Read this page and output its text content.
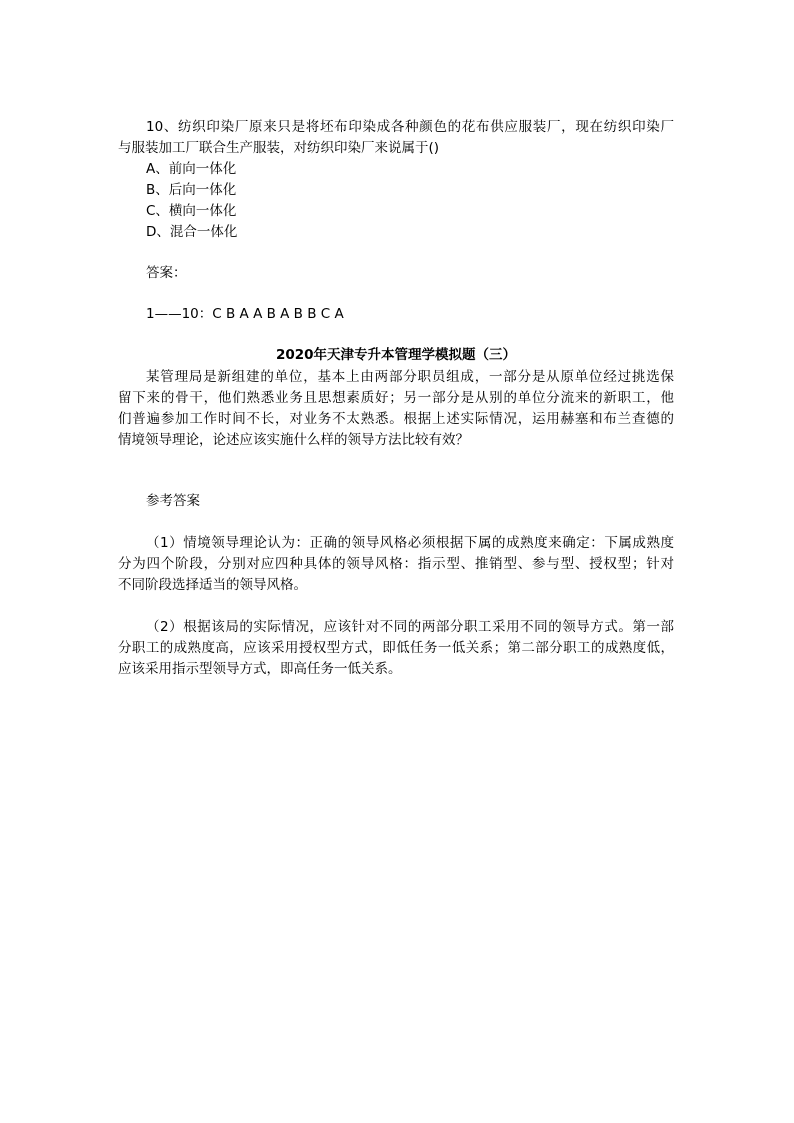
10、纺织印染厂原来只是将坯布印染成各种颜色的花布供应服装厂，现在纺织印染厂
与服装加工厂联合生产服装，对纺织印染厂来说属于()
A、前向一体化
B、后向一体化
C、横向一体化
D、混合一体化
答案：
1——10：C B A A B A B B C A
2020年天津专升本管理学模拟题（三）
某管理局是新组建的单位，基本上由两部分职员组成，一部分是从原单位经过挑选保
留下来的骨干，他们熟悉业务且思想素质好；另一部分是从别的单位分流来的新职工，他
们普遍参加工作时间不长，对业务不太熟悉。根据上述实际情况，运用赫塞和布兰查德的
情境领导理论，论述应该实施什么样的领导方法比较有效？
参考答案
（1）情境领导理论认为：正确的领导风格必须根据下属的成熟度来确定：下属成熟度
分为四个阶段，分别对应四种具体的领导风格：指示型、推销型、参与型、授权型；针对
不同阶段选择适当的领导风格。
（2）根据该局的实际情况，应该针对不同的两部分职工采用不同的领导方式。第一部
分职工的成熟度高，应该采用授权型方式，即低任务一低关系；第二部分职工的成熟度低，
应该采用指示型领导方式，即高任务一低关系。
